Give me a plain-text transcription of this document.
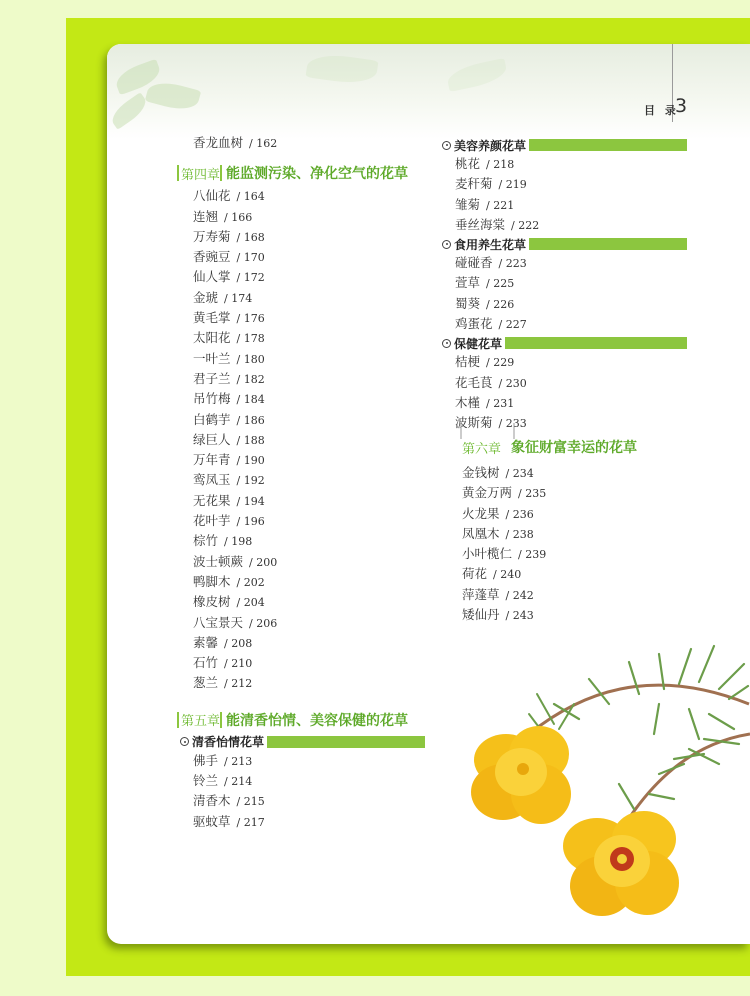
目 录
3
香龙血树 / 162
第四章 能监测污染、净化空气的花草
八仙花 / 164
连翘 / 166
万寿菊 / 168
香豌豆 / 170
仙人掌 / 172
金琥 / 174
黄毛掌 / 176
太阳花 / 178
一叶兰 / 180
君子兰 / 182
吊竹梅 / 184
白鹤芋 / 186
绿巨人 / 188
万年青 / 190
鸾凤玉 / 192
无花果 / 194
花叶芋 / 196
棕竹 / 198
波士顿蕨 / 200
鸭脚木 / 202
橡皮树 / 204
八宝景天 / 206
素馨 / 208
石竹 / 210
葱兰 / 212
第五章 能清香怡情、美容保健的花草
清香怡情花草
佛手 / 213
铃兰 / 214
清香木 / 215
驱蚊草 / 217
美容养颜花草
桃花 / 218
麦秆菊 / 219
雏菊 / 221
垂丝海棠 / 222
食用养生花草
碰碰香 / 223
萱草 / 225
蜀葵 / 226
鸡蛋花 / 227
保健花草
桔梗 / 229
花毛茛 / 230
木槿 / 231
波斯菊 / 233
第六章 象征财富幸运的花草
金钱树 / 234
黄金万两 / 235
火龙果 / 236
凤凰木 / 238
小叶榄仁 / 239
荷花 / 240
萍蓬草 / 242
矮仙丹 / 243
